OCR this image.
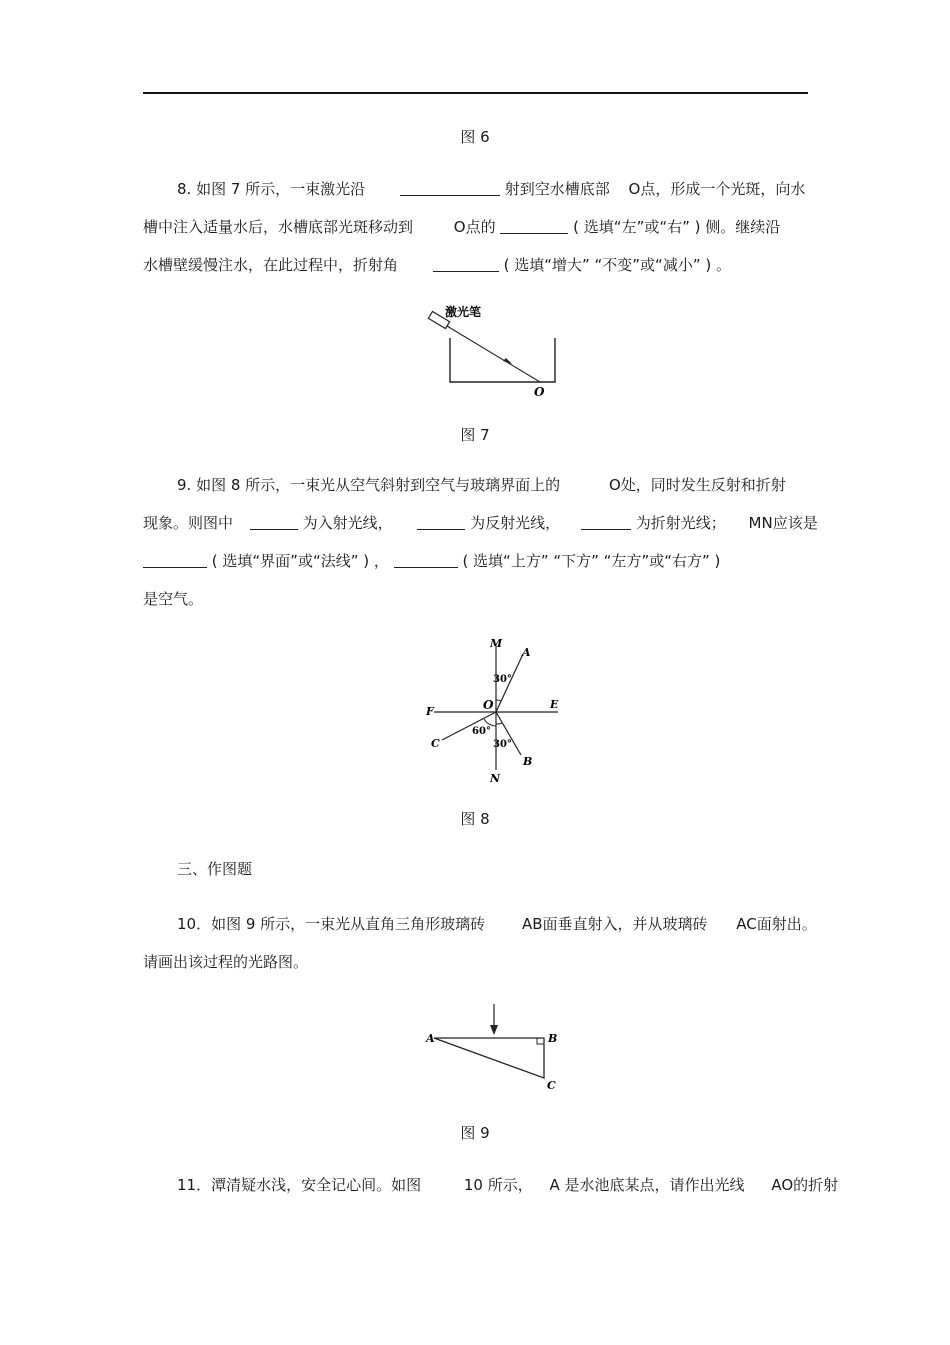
图 6
8. 如图 7 所示，一束激光沿	射到空水槽底部 O点，形成一个光斑，向水
槽中注入适量水后，水槽底部光斑移动到	O点的	( 选填“左”或“右” ) 侧。继续沿
水槽壁缓慢注水，在此过程中，折射角	( 选填“增大” “不变”或“减小” ) 。
激光笔
O
图 7
9. 如图 8 所示，一束光从空气斜射到空气与玻璃界面上的	O处，同时发生反射和折射
现象。则图中	为入射光线，	为反射光线，	为折射光线； MN应该是
( 选填“界面”或“法线” ) ，	( 选填“上方” “下方” “左方”或“右方” )
是空气。
M
N
E
F
A
B
C
O
30°
60°
30°
图 8
三、作图题
10．如图 9 所示，一束光从直角三角形玻璃砖 AB面垂直射入，并从玻璃砖 AC面射出。
请画出该过程的光路图。
A	B
C
图 9
11．潭清疑水浅，安全记心间。如图	10 所示， A 是水池底某点，请作出光线 AO的折射
